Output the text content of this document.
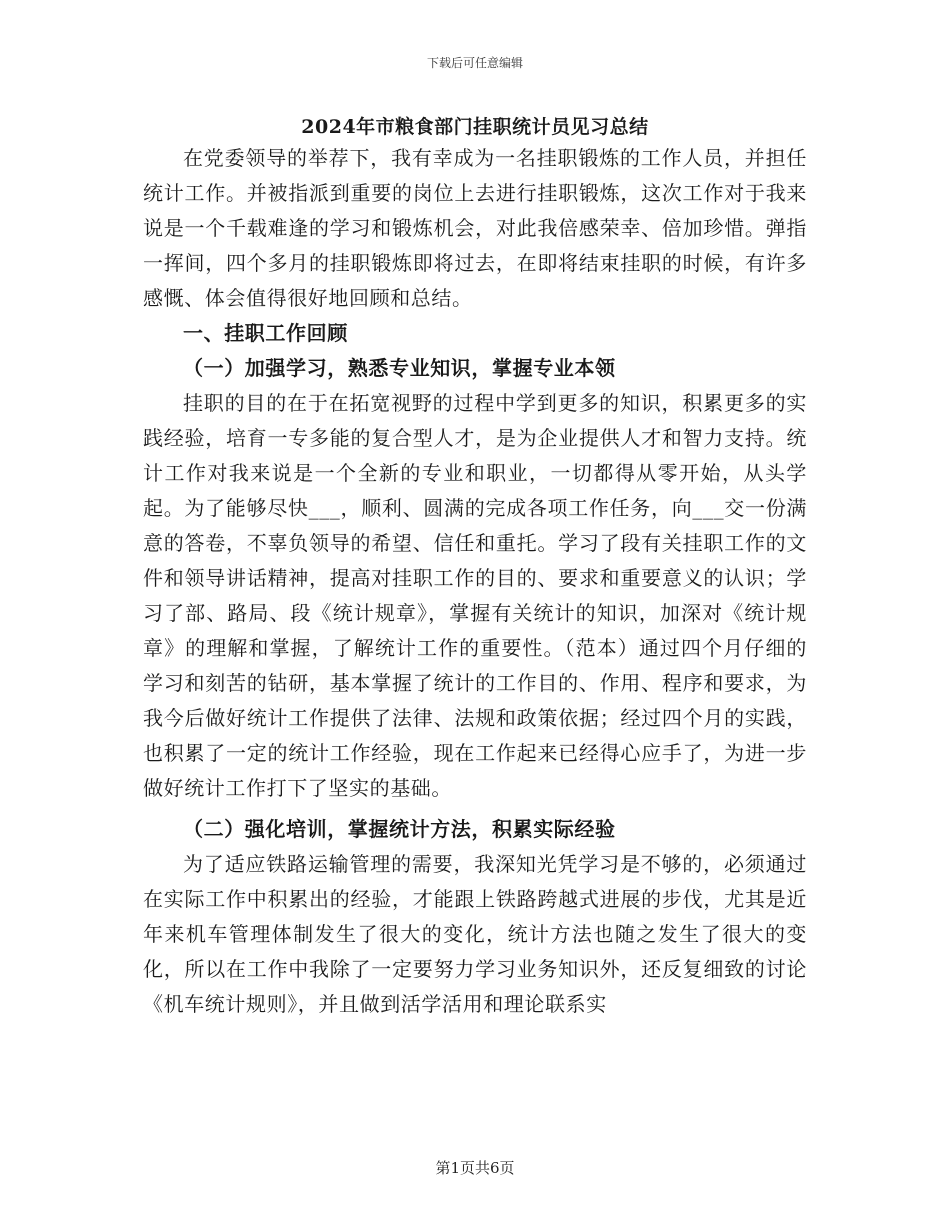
下载后可任意编辑
2024年市粮食部门挂职统计员见习总结

在党委领导的举荐下，我有幸成为一名挂职锻炼的工作人员，并担任统计工作。并被指派到重要的岗位上去进行挂职锻炼，这次工作对于我来说是一个千载难逢的学习和锻炼机会，对此我倍感荣幸、倍加珍惜。弹指一挥间，四个多月的挂职锻炼即将过去，在即将结束挂职的时候，有许多感慨、体会值得很好地回顾和总结。

一、挂职工作回顾

（一）加强学习，熟悉专业知识，掌握专业本领

挂职的目的在于在拓宽视野的过程中学到更多的知识，积累更多的实践经验，培育一专多能的复合型人才，是为企业提供人才和智力支持。统计工作对我来说是一个全新的专业和职业，一切都得从零开始，从头学起。为了能够尽快___，顺利、圆满的完成各项工作任务，向___交一份满意的答卷，不辜负领导的希望、信任和重托。学习了段有关挂职工作的文件和领导讲话精神，提高对挂职工作的目的、要求和重要意义的认识；学习了部、路局、段《统计规章》，掌握有关统计的知识，加深对《统计规章》的理解和掌握，了解统计工作的重要性。（范本）通过四个月仔细的学习和刻苦的钻研，基本掌握了统计的工作目的、作用、程序和要求，为我今后做好统计工作提供了法律、法规和政策依据；经过四个月的实践，也积累了一定的统计工作经验，现在工作起来已经得心应手了，为进一步做好统计工作打下了坚实的基础。

（二）强化培训，掌握统计方法，积累实际经验

为了适应铁路运输管理的需要，我深知光凭学习是不够的，必须通过在实际工作中积累出的经验，才能跟上铁路跨越式进展的步伐，尤其是近年来机车管理体制发生了很大的变化，统计方法也随之发生了很大的变化，所以在工作中我除了一定要努力学习业务知识外，还反复细致的讨论《机车统计规则》，并且做到活学活用和理论联系实

第1页共6页
